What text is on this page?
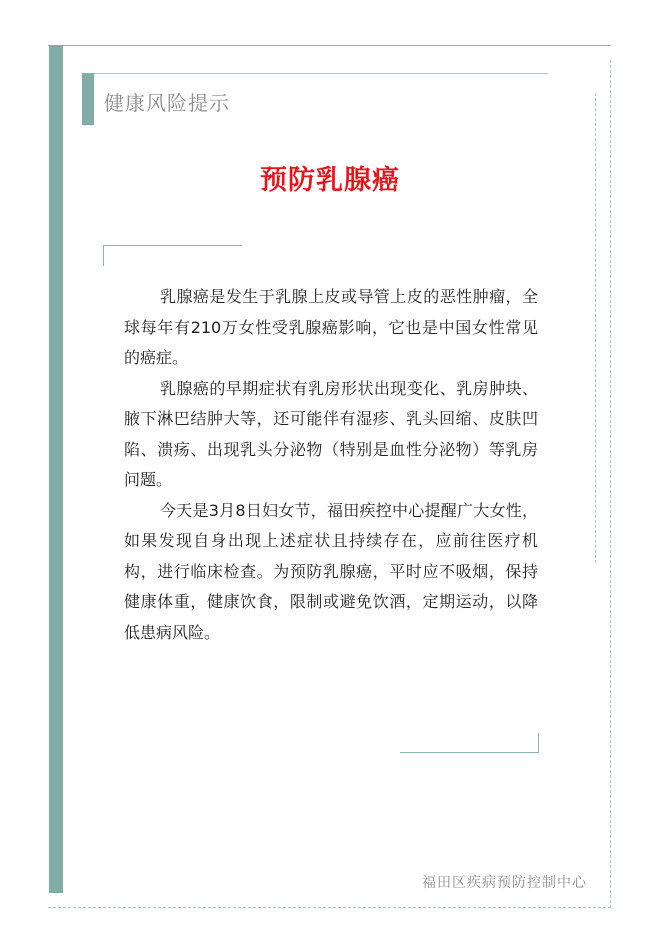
健康风险提示
预防乳腺癌

乳腺癌是发生于乳腺上皮或导管上皮的恶性肿瘤，全球每年有210万女性受乳腺癌影响，它也是中国女性常见的癌症。

乳腺癌的早期症状有乳房形状出现变化、乳房肿块、腋下淋巴结肿大等，还可能伴有湿疹、乳头回缩、皮肤凹陷、溃疡、出现乳头分泌物（特别是血性分泌物）等乳房问题。

今天是3月8日妇女节，福田疾控中心提醒广大女性，如果发现自身出现上述症状且持续存在，应前往医疗机构，进行临床检查。为预防乳腺癌，平时应不吸烟，保持健康体重，健康饮食，限制或避免饮酒，定期运动，以降低患病风险。

福田区疾病预防控制中心
